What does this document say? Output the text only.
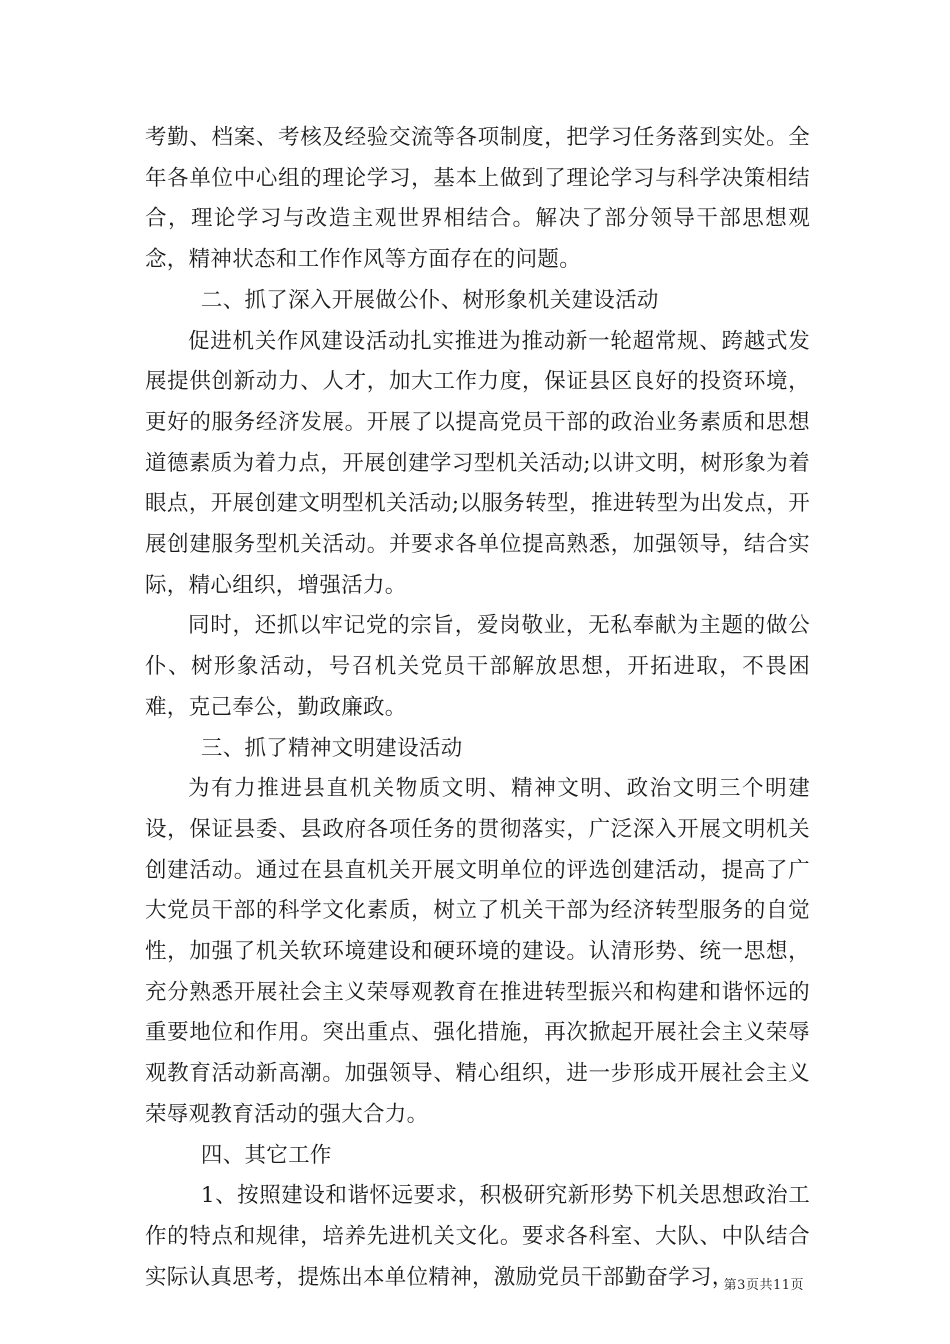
考勤、档案、考核及经验交流等各项制度，把学习任务落到实处。全年各单位中心组的理论学习，基本上做到了理论学习与科学决策相结合，理论学习与改造主观世界相结合。解决了部分领导干部思想观念，精神状态和工作作风等方面存在的问题。

二、抓了深入开展做公仆、树形象机关建设活动

促进机关作风建设活动扎实推进为推动新一轮超常规、跨越式发展提供创新动力、人才，加大工作力度，保证县区良好的投资环境，更好的服务经济发展。开展了以提高党员干部的政治业务素质和思想道德素质为着力点，开展创建学习型机关活动;以讲文明，树形象为着眼点，开展创建文明型机关活动;以服务转型，推进转型为出发点，开展创建服务型机关活动。并要求各单位提高熟悉，加强领导，结合实际，精心组织，增强活力。

同时，还抓以牢记党的宗旨，爱岗敬业，无私奉献为主题的做公仆、树形象活动，号召机关党员干部解放思想，开拓进取，不畏困难，克己奉公，勤政廉政。

三、抓了精神文明建设活动

为有力推进县直机关物质文明、精神文明、政治文明三个明建设，保证县委、县政府各项任务的贯彻落实，广泛深入开展文明机关创建活动。通过在县直机关开展文明单位的评选创建活动，提高了广大党员干部的科学文化素质，树立了机关干部为经济转型服务的自觉性，加强了机关软环境建设和硬环境的建设。认清形势、统一思想，充分熟悉开展社会主义荣辱观教育在推进转型振兴和构建和谐怀远的重要地位和作用。突出重点、强化措施，再次掀起开展社会主义荣辱观教育活动新高潮。加强领导、精心组织，进一步形成开展社会主义荣辱观教育活动的强大合力。

四、其它工作

1、按照建设和谐怀远要求，积极研究新形势下机关思想政治工作的特点和规律，培养先进机关文化。要求各科室、大队、中队结合实际认真思考，提炼出本单位精神，激励党员干部勤奋学习，

第3页共11页
